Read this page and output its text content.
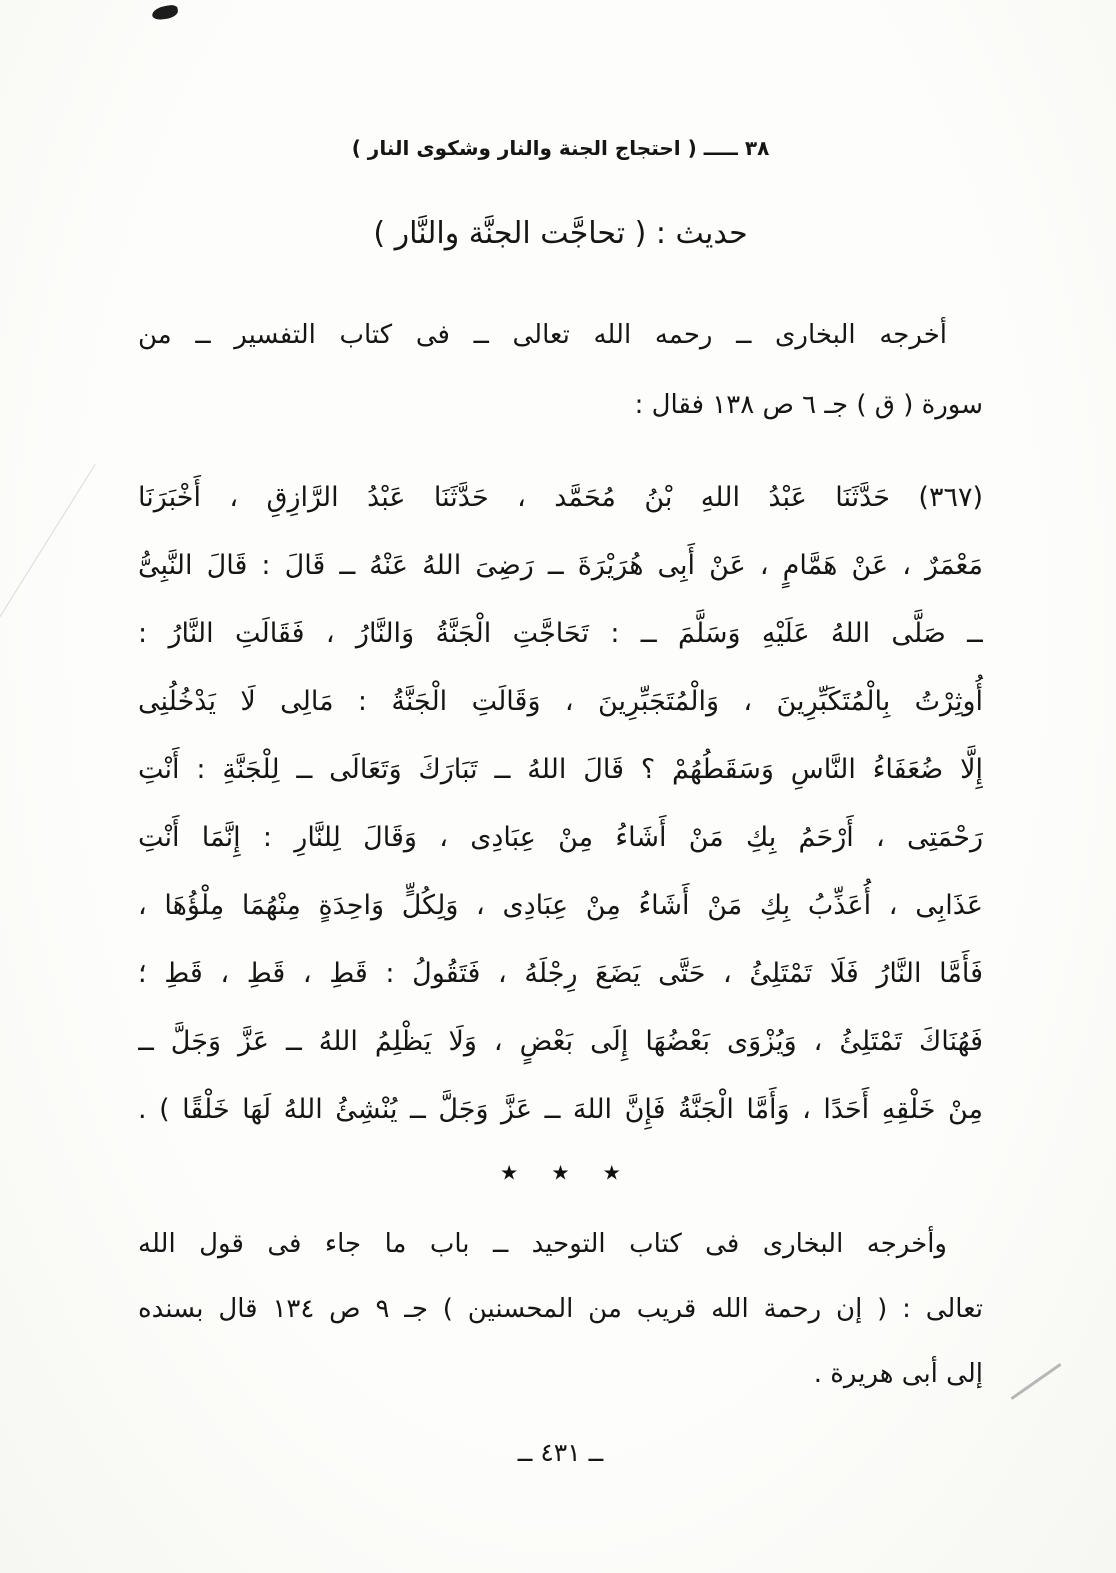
٣٨ ـــــ ( احتجاج الجنة والنار وشكوى النار )
حديث : ( تحاجَّت الجنَّة والنَّار )
أخرجه البخارى ــ رحمه الله تعالى ــ فى كتاب التفسير ــ من
سورة ( ق ) جـ ٦ ص ١٣٨ فقال :
(٣٦٧) حَدَّثَنَا عَبْدُ اللهِ بْنُ مُحَمَّد ، حَدَّثَنَا عَبْدُ الرَّازِقِ ، أَخْبَرَنَا
مَعْمَرٌ ، عَنْ هَمَّامٍ ، عَنْ أَبِى هُرَيْرَةَ ــ رَضِىَ اللهُ عَنْهُ ــ قَالَ : قَالَ النَّبِىُّ
ــ صَلَّى اللهُ عَلَيْهِ وَسَلَّمَ ــ : تَحَاجَّتِ الْجَنَّةُ وَالنَّارُ ، فَقَالَتِ النَّارُ :
أُوثِرْتُ بِالْمُتَكَبِّرِينَ ، وَالْمُتَجَبِّرِينَ ، وَقَالَتِ الْجَنَّةُ : مَالِى لَا يَدْخُلُنِى
إِلَّا ضُعَفَاءُ النَّاسِ وَسَقَطُهُمْ ؟ قَالَ اللهُ ــ تَبَارَكَ وَتَعَالَى ــ لِلْجَنَّةِ : أَنْتِ
رَحْمَتِى ، أَرْحَمُ بِكِ مَنْ أَشَاءُ مِنْ عِبَادِى ، وَقَالَ لِلنَّارِ : إِنَّمَا أَنْتِ
عَذَابِى ، أُعَذِّبُ بِكِ مَنْ أَشَاءُ مِنْ عِبَادِى ، وَلِكُلٍّ وَاحِدَةٍ مِنْهُمَا مِلْؤُهَا ،
فَأَمَّا النَّارُ فَلَا تَمْتَلِئُ ، حَتَّى يَضَعَ رِجْلَهُ ، فَتَقُولُ : قَطِ ، قَطِ ، قَطِ ؛
فَهُنَاكَ تَمْتَلِئُ ، وَيُزْوَى بَعْضُهَا إِلَى بَعْضٍ ، وَلَا يَظْلِمُ اللهُ ــ عَزَّ وَجَلَّ ــ
مِنْ خَلْقِهِ أَحَدًا ، وَأَمَّا الْجَنَّةُ فَإِنَّ اللهَ ــ عَزَّ وَجَلَّ ــ يُنْشِئُ اللهُ لَهَا خَلْقًا ) .
٭ ٭ ٭
وأخرجه البخارى فى كتاب التوحيد ــ باب ما جاء فى قول الله
تعالى : ( إن رحمة الله قريب من المحسنين ) جـ ٩ ص ١٣٤ قال بسنده
إلى أبى هريرة .
ــ ٤٣١ ــ
